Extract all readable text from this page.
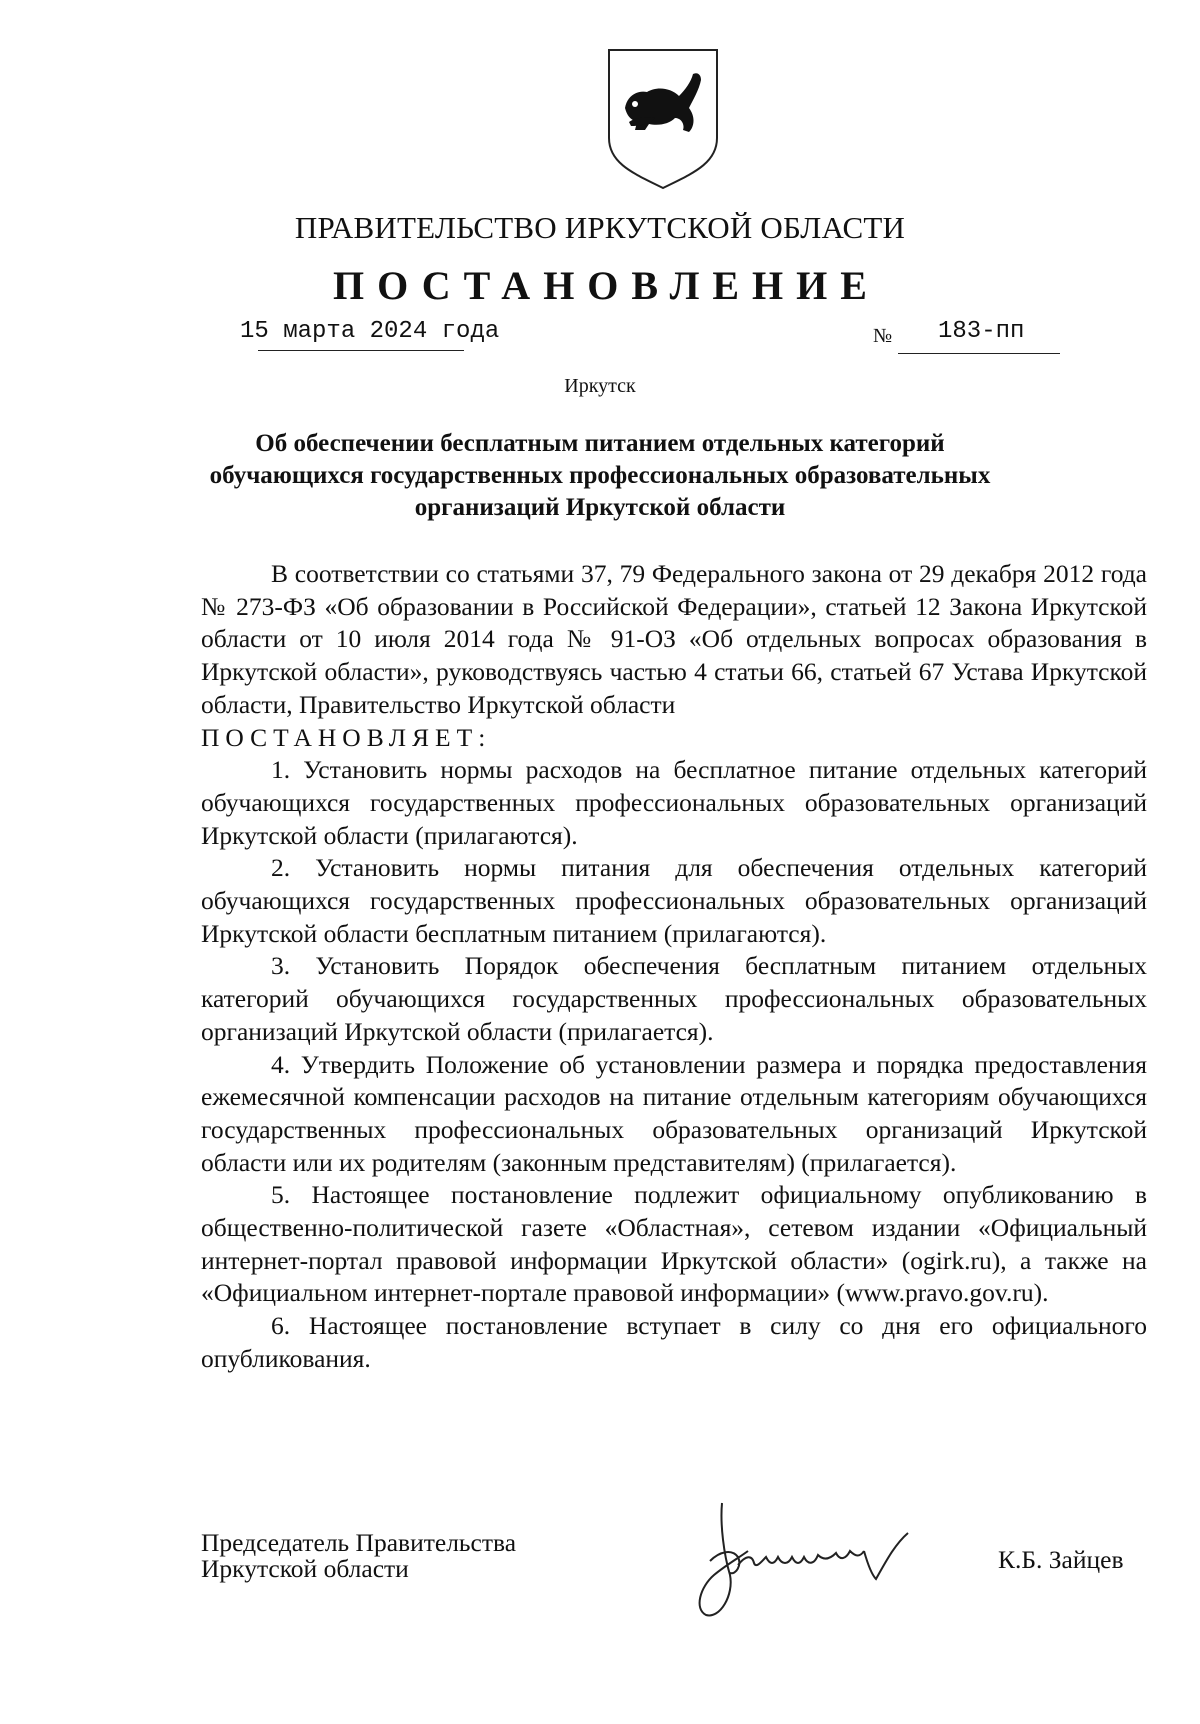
ПРАВИТЕЛЬСТВО ИРКУТСКОЙ ОБЛАСТИ
ПОСТАНОВЛЕНИЕ
15 марта 2024 года	№ 183-пп
Иркутск
Об обеспечении бесплатным питанием отдельных категорий
обучающихся государственных профессиональных образовательных
организаций Иркутской области

В соответствии со статьями 37, 79 Федерального закона от 29 декабря 2012 года № 273-ФЗ «Об образовании в Российской Федерации», статьей 12 Закона Иркутской области от 10 июля 2014 года № 91-ОЗ «Об отдельных вопросах образования в Иркутской области», руководствуясь частью 4 статьи 66, статьей 67 Устава Иркутской области, Правительство Иркутской области

ПОСТАНОВЛЯЕТ:

1. Установить нормы расходов на бесплатное питание отдельных категорий обучающихся государственных профессиональных образовательных организаций Иркутской области (прилагаются).

2. Установить нормы питания для обеспечения отдельных категорий обучающихся государственных профессиональных образовательных организаций Иркутской области бесплатным питанием (прилагаются).

3. Установить Порядок обеспечения бесплатным питанием отдельных категорий обучающихся государственных профессиональных образовательных организаций Иркутской области (прилагается).

4. Утвердить Положение об установлении размера и порядка предоставления ежемесячной компенсации расходов на питание отдельным категориям обучающихся государственных профессиональных образовательных организаций Иркутской области или их родителям (законным представителям) (прилагается).

5. Настоящее постановление подлежит официальному опубликованию в общественно-политической газете «Областная», сетевом издании «Официальный интернет-портал правовой информации Иркутской области» (ogirk.ru), а также на «Официальном интернет-портале правовой информации» (www.pravo.gov.ru).

6. Настоящее постановление вступает в силу со дня его официального опубликования.

Председатель Правительства
Иркутской области	К.Б. Зайцев
